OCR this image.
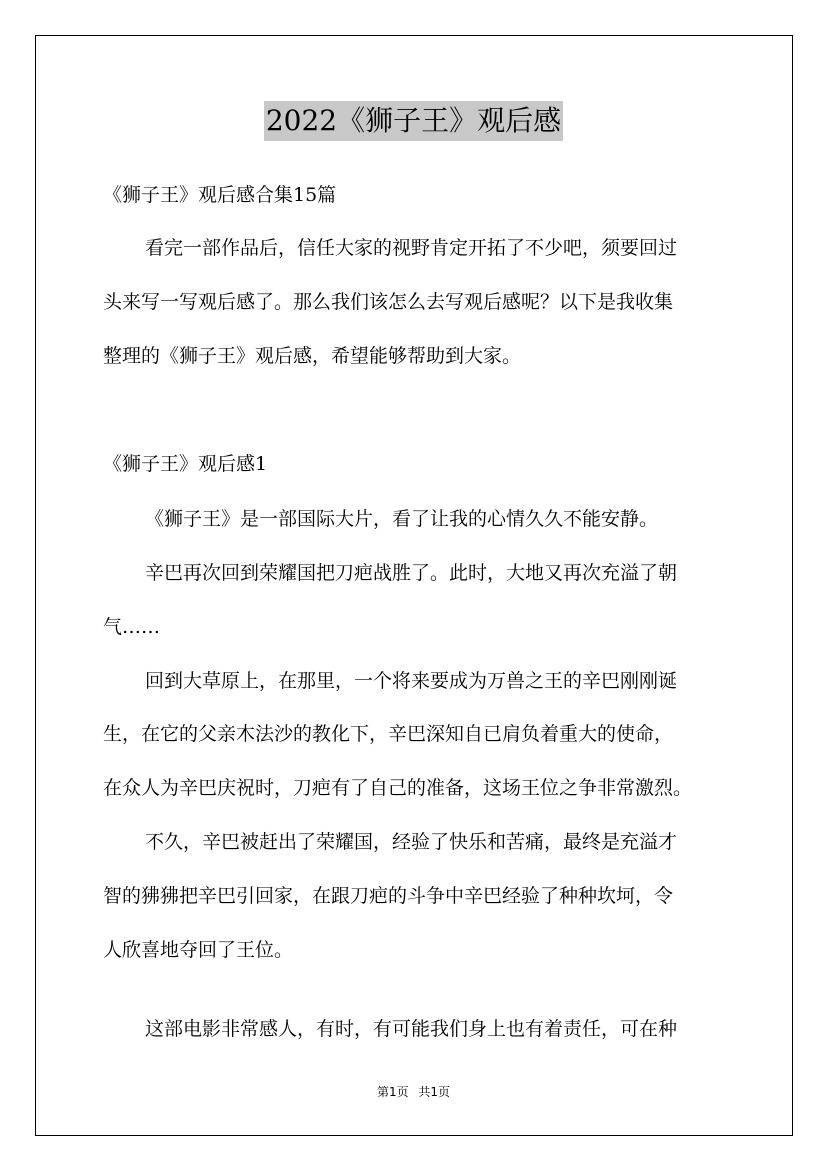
2022《狮子王》观后感
《狮子王》观后感合集15篇
看完一部作品后，信任大家的视野肯定开拓了不少吧，须要回过
头来写一写观后感了。那么我们该怎么去写观后感呢？以下是我收集
整理的《狮子王》观后感，希望能够帮助到大家。
《狮子王》观后感1
《狮子王》是一部国际大片，看了让我的心情久久不能安静。
辛巴再次回到荣耀国把刀疤战胜了。此时，大地又再次充溢了朝
气……
回到大草原上，在那里，一个将来要成为万兽之王的辛巴刚刚诞
生，在它的父亲木法沙的教化下，辛巴深知自已肩负着重大的使命，
在众人为辛巴庆祝时，刀疤有了自己的准备，这场王位之争非常激烈。
不久，辛巴被赶出了荣耀国，经验了快乐和苦痛，最终是充溢才
智的狒狒把辛巴引回家，在跟刀疤的斗争中辛巴经验了种种坎坷，令
人欣喜地夺回了王位。
这部电影非常感人，有时，有可能我们身上也有着责任，可在种
第1页 共1页
